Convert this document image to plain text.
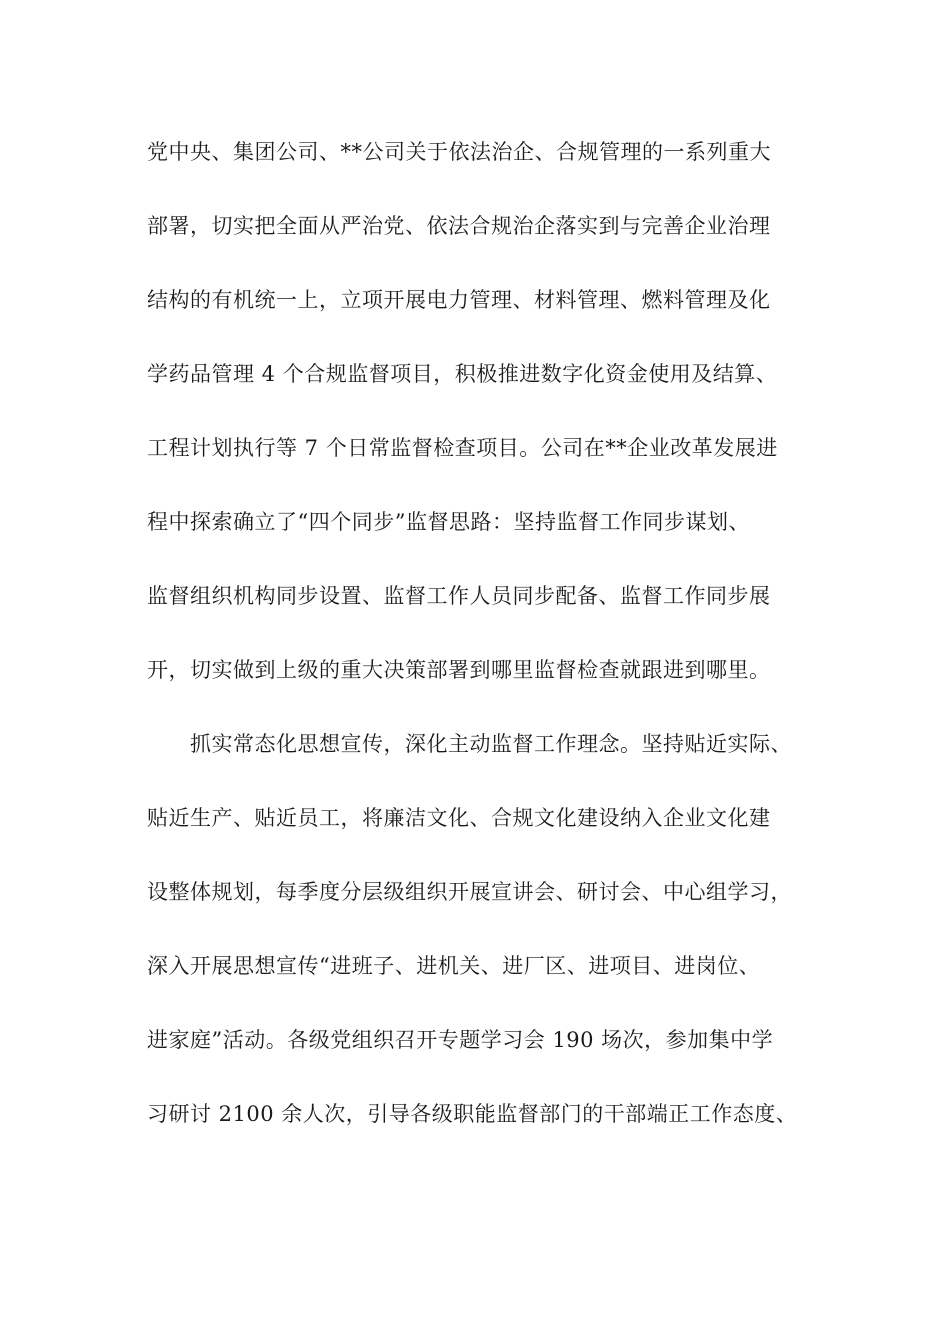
党中央、集团公司、**公司关于依法治企、合规管理的一系列重大
部署，切实把全面从严治党、依法合规治企落实到与完善企业治理
结构的有机统一上，立项开展电力管理、材料管理、燃料管理及化
学药品管理 4 个合规监督项目，积极推进数字化资金使用及结算、
工程计划执行等 7 个日常监督检查项目。公司在**企业改革发展进
程中探索确立了“四个同步”监督思路：坚持监督工作同步谋划、
监督组织机构同步设置、监督工作人员同步配备、监督工作同步展
开，切实做到上级的重大决策部署到哪里监督检查就跟进到哪里。
　　抓实常态化思想宣传，深化主动监督工作理念。坚持贴近实际、
贴近生产、贴近员工，将廉洁文化、合规文化建设纳入企业文化建
设整体规划，每季度分层级组织开展宣讲会、研讨会、中心组学习，
深入开展思想宣传“进班子、进机关、进厂区、进项目、进岗位、
进家庭”活动。各级党组织召开专题学习会 190 场次，参加集中学
习研讨 2100 余人次，引导各级职能监督部门的干部端正工作态度、
